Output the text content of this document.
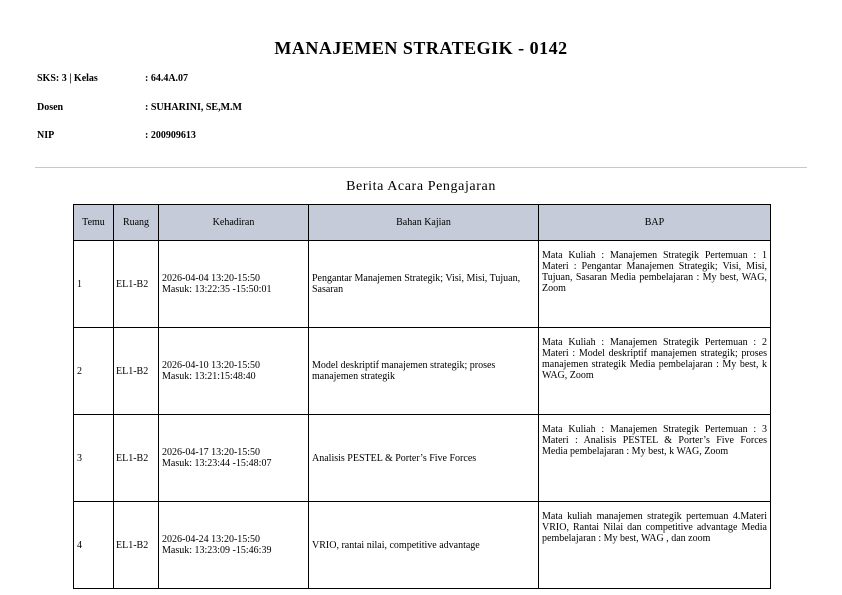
MANAJEMEN STRATEGIK - 0142
SKS: 3 | Kelas	: 64.4A.07
Dosen	: SUHARINI, SE,M.M
NIP	: 200909613
Berita Acara Pengajaran
Temu	Ruang	Kehadiran	Bahan Kajian	BAP
1	EL1-B2	2026-04-04 13:20-15:50
Masuk: 13:22:35 -15:50:01	Pengantar Manajemen Strategik; Visi, Misi, Tujuan, Sasaran	Mata Kuliah : Manajemen Strategik Pertemuan : 1 Materi : Pengantar Manajemen Strategik; Visi, Misi, Tujuan, Sasaran Media pembelajaran : My best, WAG, Zoom
2	EL1-B2	2026-04-10 13:20-15:50
Masuk: 13:21:15:48:40	Model deskriptif manajemen strategik; proses manajemen strategik	Mata Kuliah : Manajemen Strategik Pertemuan : 2 Materi : Model deskriptif manajemen strategik; proses manajemen strategik Media pembelajaran : My best, k WAG, Zoom
3	EL1-B2	2026-04-17 13:20-15:50
Masuk: 13:23:44 -15:48:07	Analisis PESTEL & Porter’s Five Forces	Mata Kuliah : Manajemen Strategik Pertemuan : 3 Materi : Analisis PESTEL & Porter’s Five Forces Media pembelajaran : My best, k WAG, Zoom
4	EL1-B2	2026-04-24 13:20-15:50
Masuk: 13:23:09 -15:46:39	VRIO, rantai nilai, competitive advantage	Mata kuliah manajemen strategik pertemuan 4.Materi VRIO, Rantai Nilai dan competitive advantage Media pembelajaran : My best, WAG , dan zoom
